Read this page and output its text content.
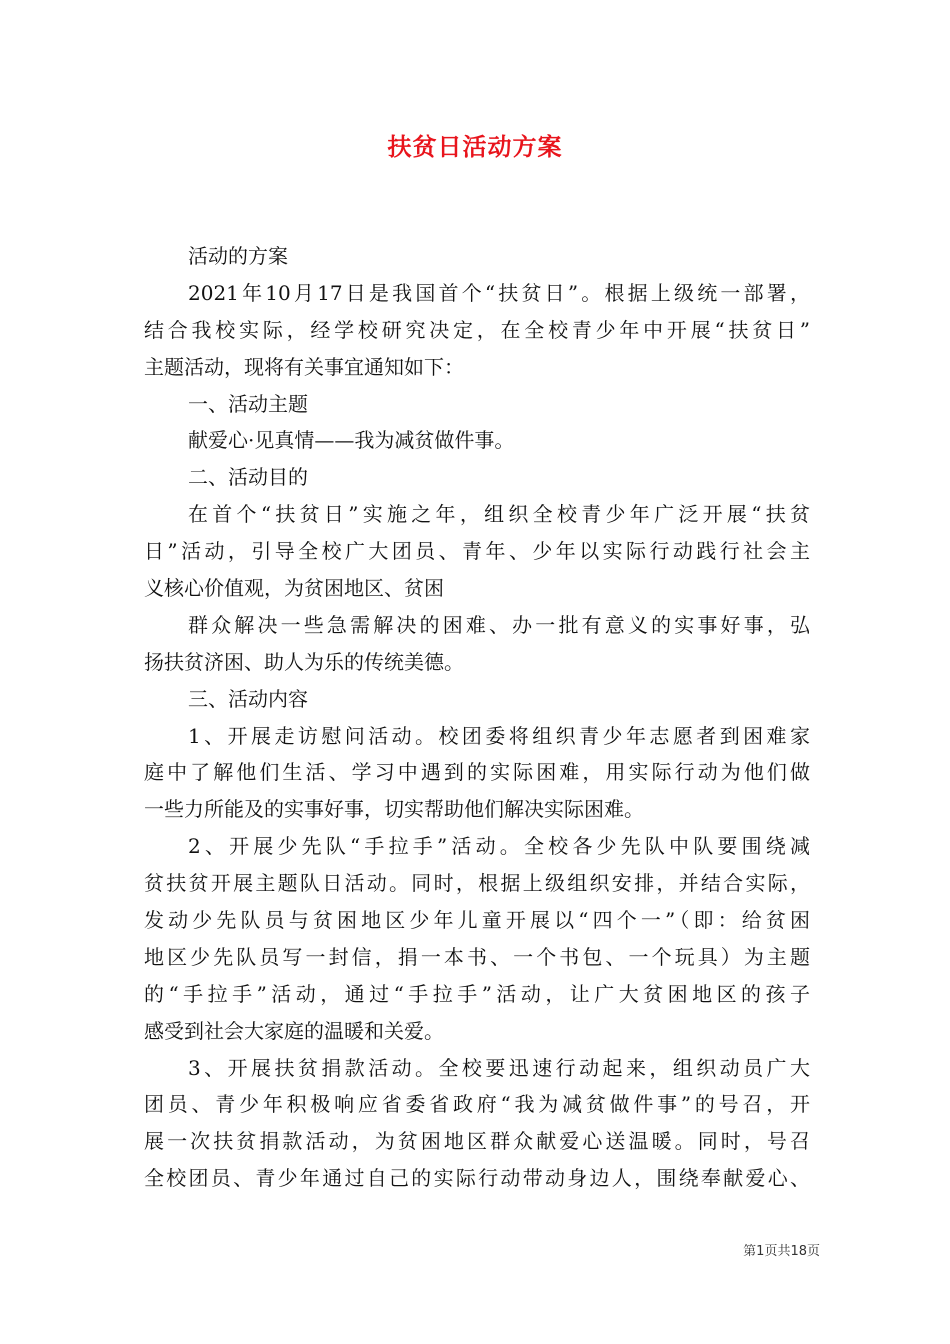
扶贫日活动方案
活动的方案
2021年10月17日是我国首个“扶贫日”。根据上级统一部署，
结合我校实际，经学校研究决定，在全校青少年中开展“扶贫日”
主题活动，现将有关事宜通知如下：
一、活动主题
献爱心·见真情——我为减贫做件事。
二、活动目的
在首个“扶贫日”实施之年，组织全校青少年广泛开展“扶贫
日”活动，引导全校广大团员、青年、少年以实际行动践行社会主
义核心价值观，为贫困地区、贫困
群众解决一些急需解决的困难、办一批有意义的实事好事，弘
扬扶贫济困、助人为乐的传统美德。
三、活动内容
1、开展走访慰问活动。校团委将组织青少年志愿者到困难家
庭中了解他们生活、学习中遇到的实际困难，用实际行动为他们做
一些力所能及的实事好事，切实帮助他们解决实际困难。
2、开展少先队“手拉手”活动。全校各少先队中队要围绕减
贫扶贫开展主题队日活动。同时，根据上级组织安排，并结合实际，
发动少先队员与贫困地区少年儿童开展以“四个一”（即：给贫困
地区少先队员写一封信，捐一本书、一个书包、一个玩具）为主题
的“手拉手”活动，通过“手拉手”活动，让广大贫困地区的孩子
感受到社会大家庭的温暖和关爱。
3、开展扶贫捐款活动。全校要迅速行动起来，组织动员广大
团员、青少年积极响应省委省政府“我为减贫做件事”的号召，开
展一次扶贫捐款活动，为贫困地区群众献爱心送温暖。同时，号召
全校团员、青少年通过自己的实际行动带动身边人，围绕奉献爱心、
第1页共18页
